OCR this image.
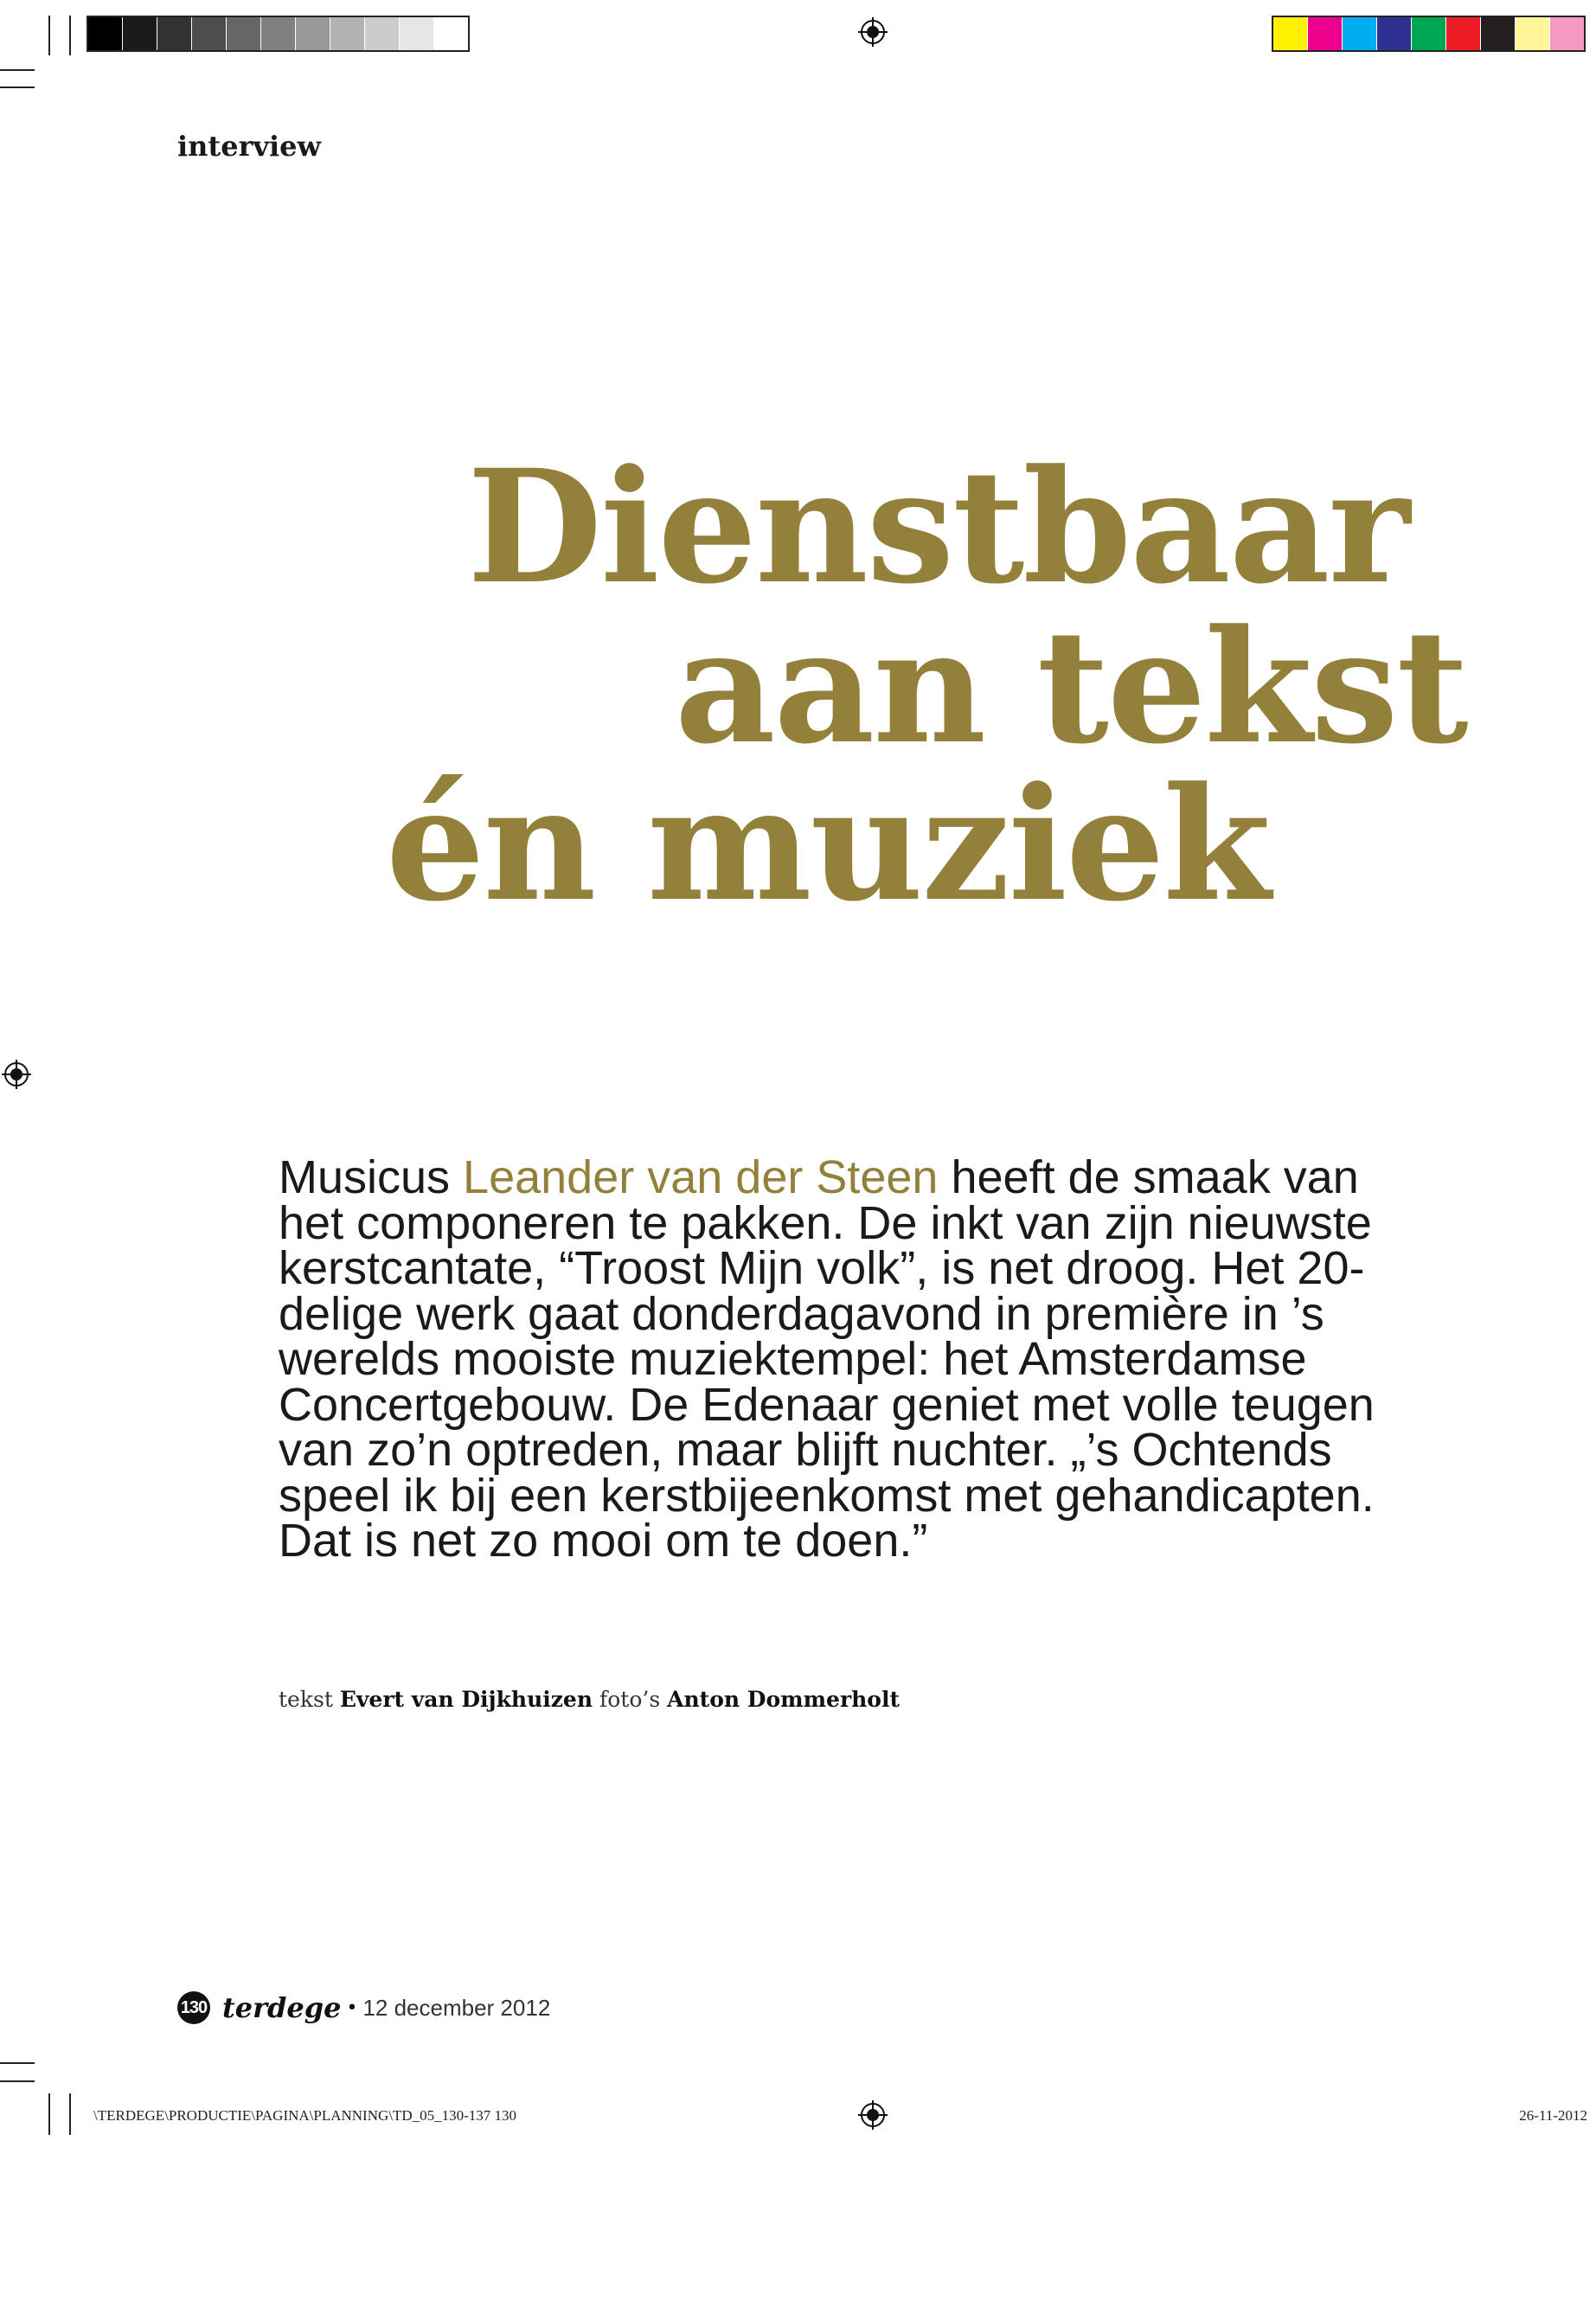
interview

Dienstbaar
aan tekst
én muziek

Musicus Leander van der Steen heeft de smaak van het componeren te pakken. De inkt van zijn nieuwste kerstcantate, “Troost Mijn volk”, is net droog. Het 20-delige werk gaat donderdagavond in première in ’s werelds mooiste muziektempel: het Amsterdamse Concertgebouw. De Edenaar geniet met volle teugen van zo’n optreden, maar blijft nuchter. „’s Ochtends speel ik bij een kerstbijeenkomst met gehandicapten. Dat is net zo mooi om te doen.”

tekst Evert van Dijkhuizen foto’s Anton Dommerholt

130 terdege • 12 december 2012
\TERDEGE\PRODUCTIE\PAGINA\PLANNING\TD_05_130-137 130	26-11-2012
